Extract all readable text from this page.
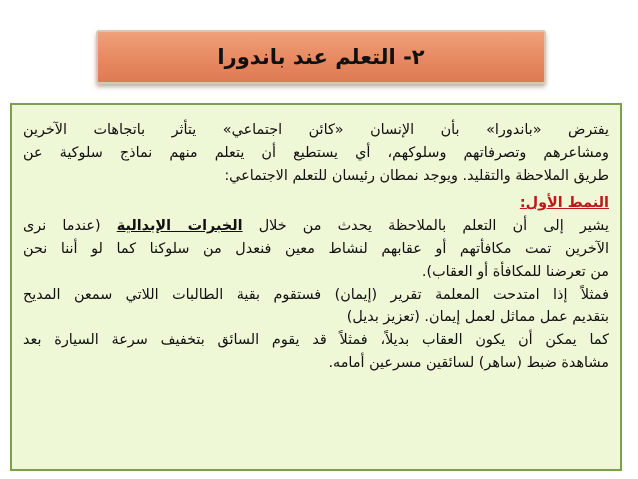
٢- التعلم عند باندورا
يفترض «باندورا» بأن الإنسان «كائن اجتماعي» يتأثر باتجاهات الآخرين
ومشاعرهم وتصرفاتهم وسلوكهم، أي يستطيع أن يتعلم منهم نماذج سلوكية عن
طريق الملاحظة والتقليد. ويوجد نمطان رئيسان للتعلم الاجتماعي:
النمط الأول:
يشير إلى أن التعلم بالملاحظة يحدث من خلال الخبرات الإبدالية (عندما نرى
الآخرين تمت مكافأتهم أو عقابهم لنشاط معين فنعدل من سلوكنا كما لو أننا نحن
من تعرضنا للمكافأة أو العقاب).
فمثلاً إذا امتدحت المعلمة تقرير (إيمان) فستقوم بقية الطالبات اللاتي سمعن المديح
بتقديم عمل مماثل لعمل إيمان. (تعزيز بديل)
كما يمكن أن يكون العقاب بديلاً، فمثلاً قد يقوم السائق بتخفيف سرعة السيارة بعد
مشاهدة ضبط (ساهر) لسائقين مسرعين أمامه.
